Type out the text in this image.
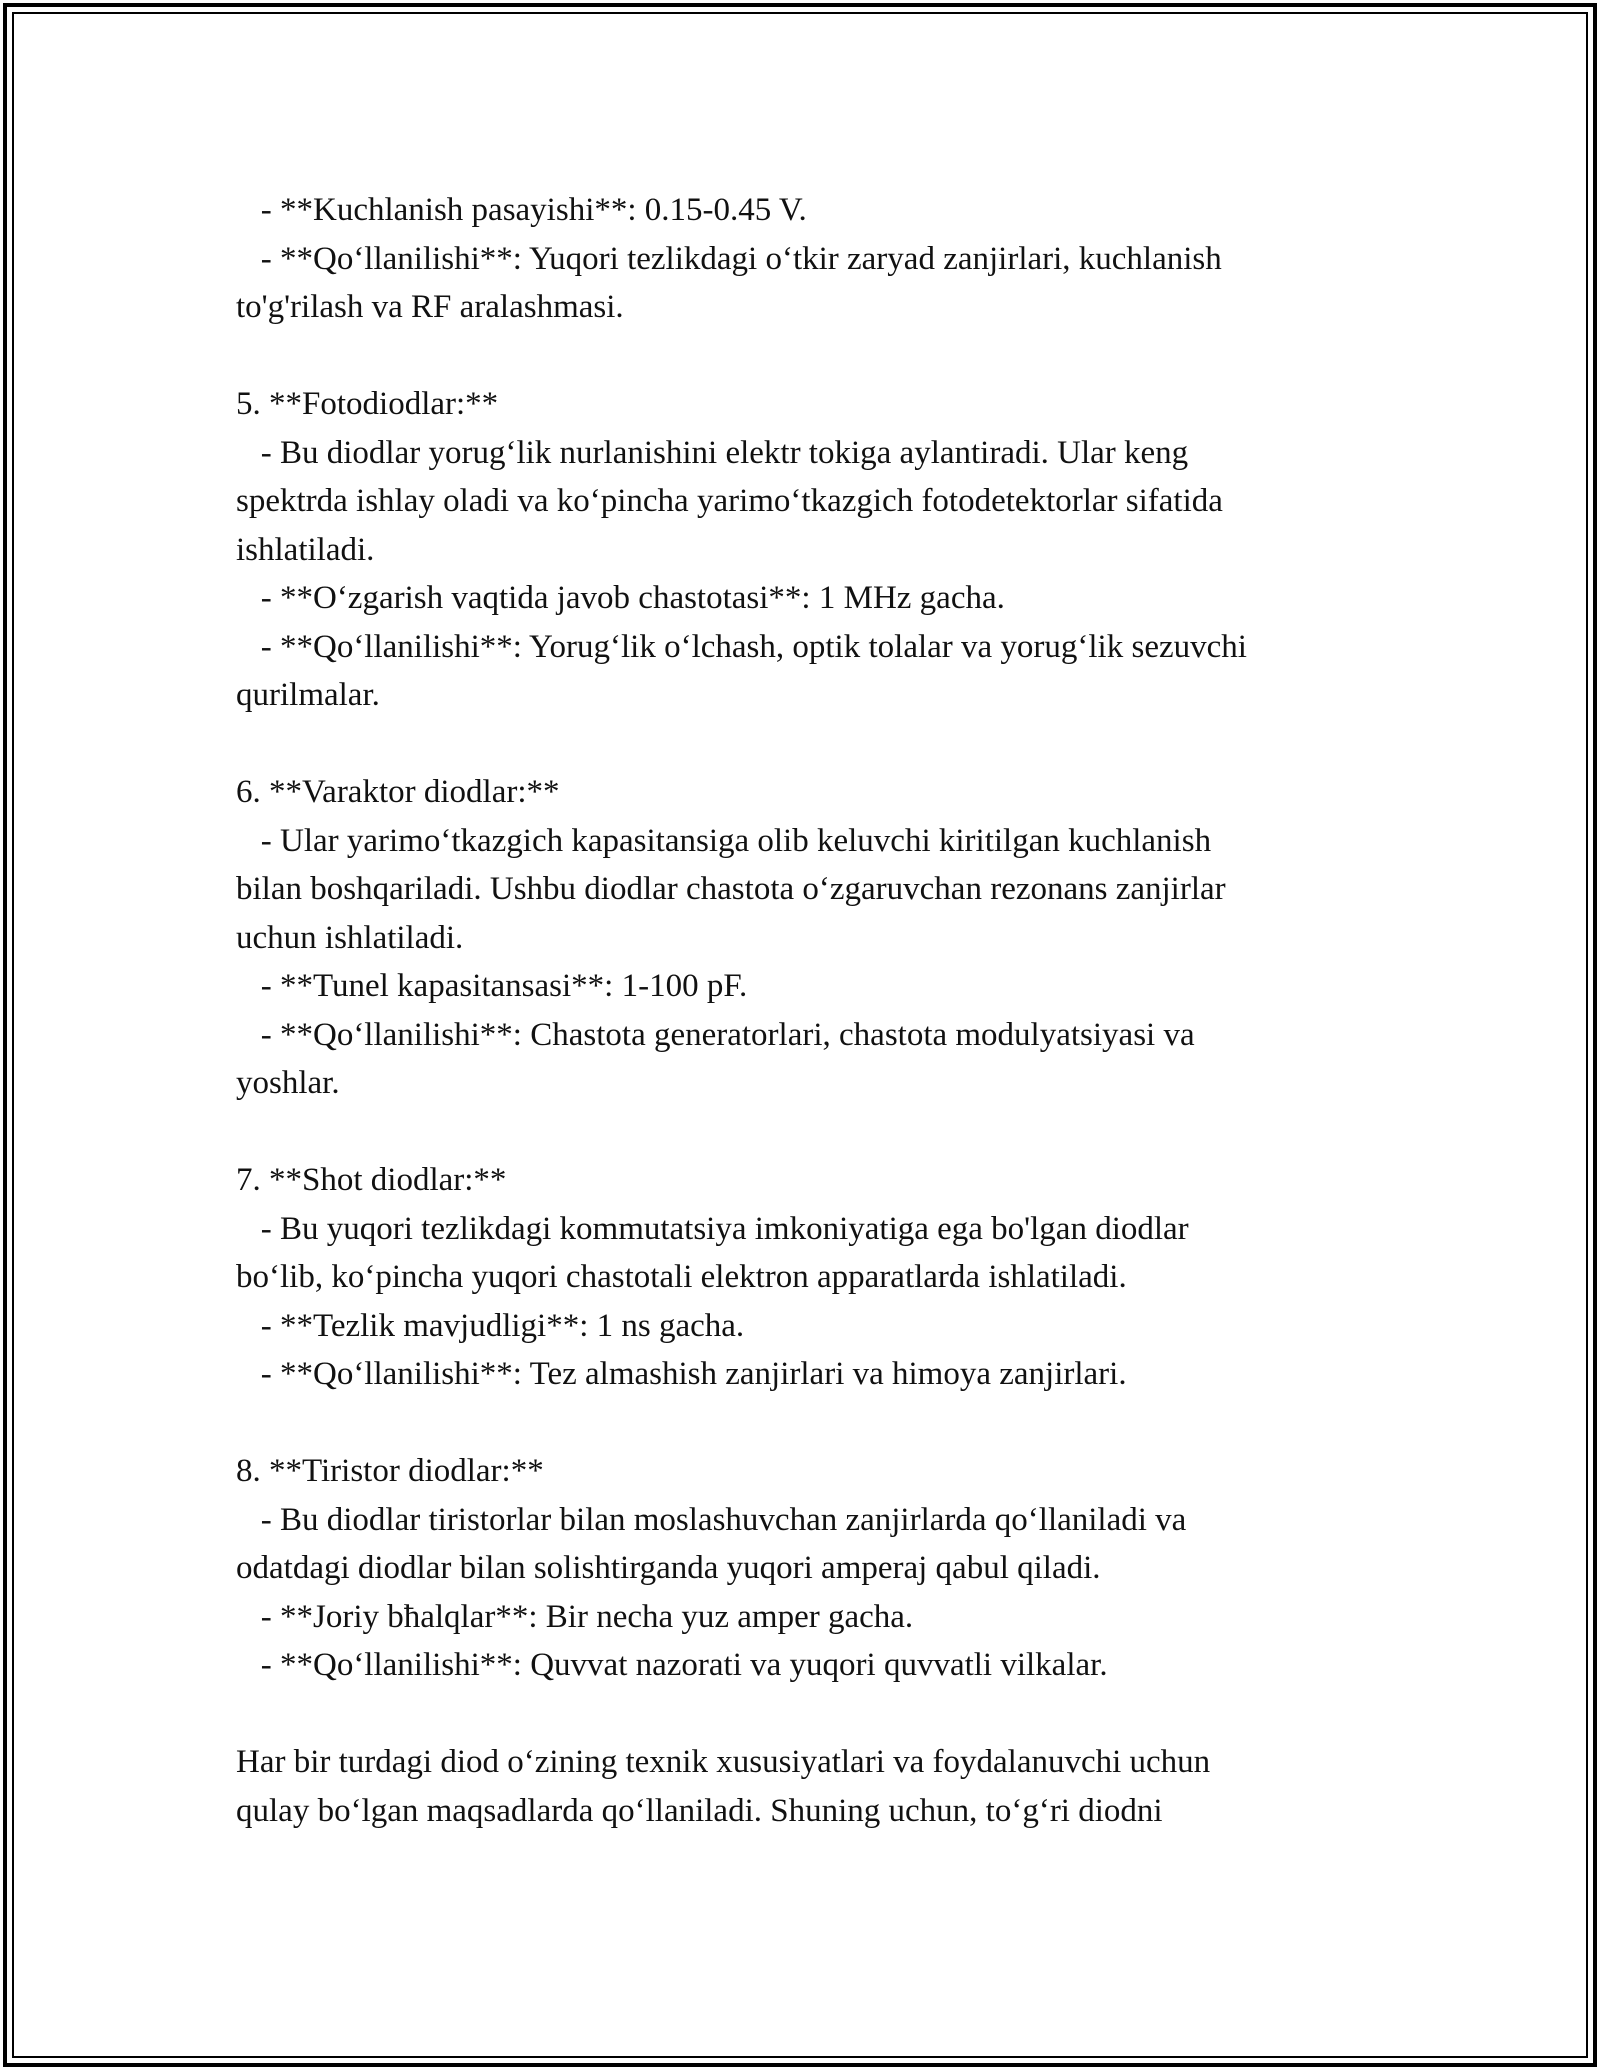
- **Kuchlanish pasayishi**: 0.15-0.45 V.
- **Qo‘llanilishi**: Yuqori tezlikdagi o‘tkir zaryad zanjirlari, kuchlanish
to'g'rilash va RF aralashmasi.
5. **Fotodiodlar:**
- Bu diodlar yorug‘lik nurlanishini elektr tokiga aylantiradi. Ular keng
spektrda ishlay oladi va ko‘pincha yarimo‘tkazgich fotodetektorlar sifatida
ishlatiladi.
- **O‘zgarish vaqtida javob chastotasi**: 1 MHz gacha.
- **Qo‘llanilishi**: Yorug‘lik o‘lchash, optik tolalar va yorug‘lik sezuvchi
qurilmalar.
6. **Varaktor diodlar:**
- Ular yarimo‘tkazgich kapasitansiga olib keluvchi kiritilgan kuchlanish
bilan boshqariladi. Ushbu diodlar chastota o‘zgaruvchan rezonans zanjirlar
uchun ishlatiladi.
- **Tunel kapasitansasi**: 1-100 pF.
- **Qo‘llanilishi**: Chastota generatorlari, chastota modulyatsiyasi va
yoshlar.
7. **Shot diodlar:**
- Bu yuqori tezlikdagi kommutatsiya imkoniyatiga ega bo'lgan diodlar
bo‘lib, ko‘pincha yuqori chastotali elektron apparatlarda ishlatiladi.
- **Tezlik mavjudligi**: 1 ns gacha.
- **Qo‘llanilishi**: Tez almashish zanjirlari va himoya zanjirlari.
8. **Tiristor diodlar:**
- Bu diodlar tiristorlar bilan moslashuvchan zanjirlarda qo‘llaniladi va
odatdagi diodlar bilan solishtirganda yuqori amperaj qabul qiladi.
- **Joriy bħalqlar**: Bir necha yuz amper gacha.
- **Qo‘llanilishi**: Quvvat nazorati va yuqori quvvatli vilkalar.
Har bir turdagi diod o‘zining texnik xususiyatlari va foydalanuvchi uchun
qulay bo‘lgan maqsadlarda qo‘llaniladi. Shuning uchun, to‘g‘ri diodni
